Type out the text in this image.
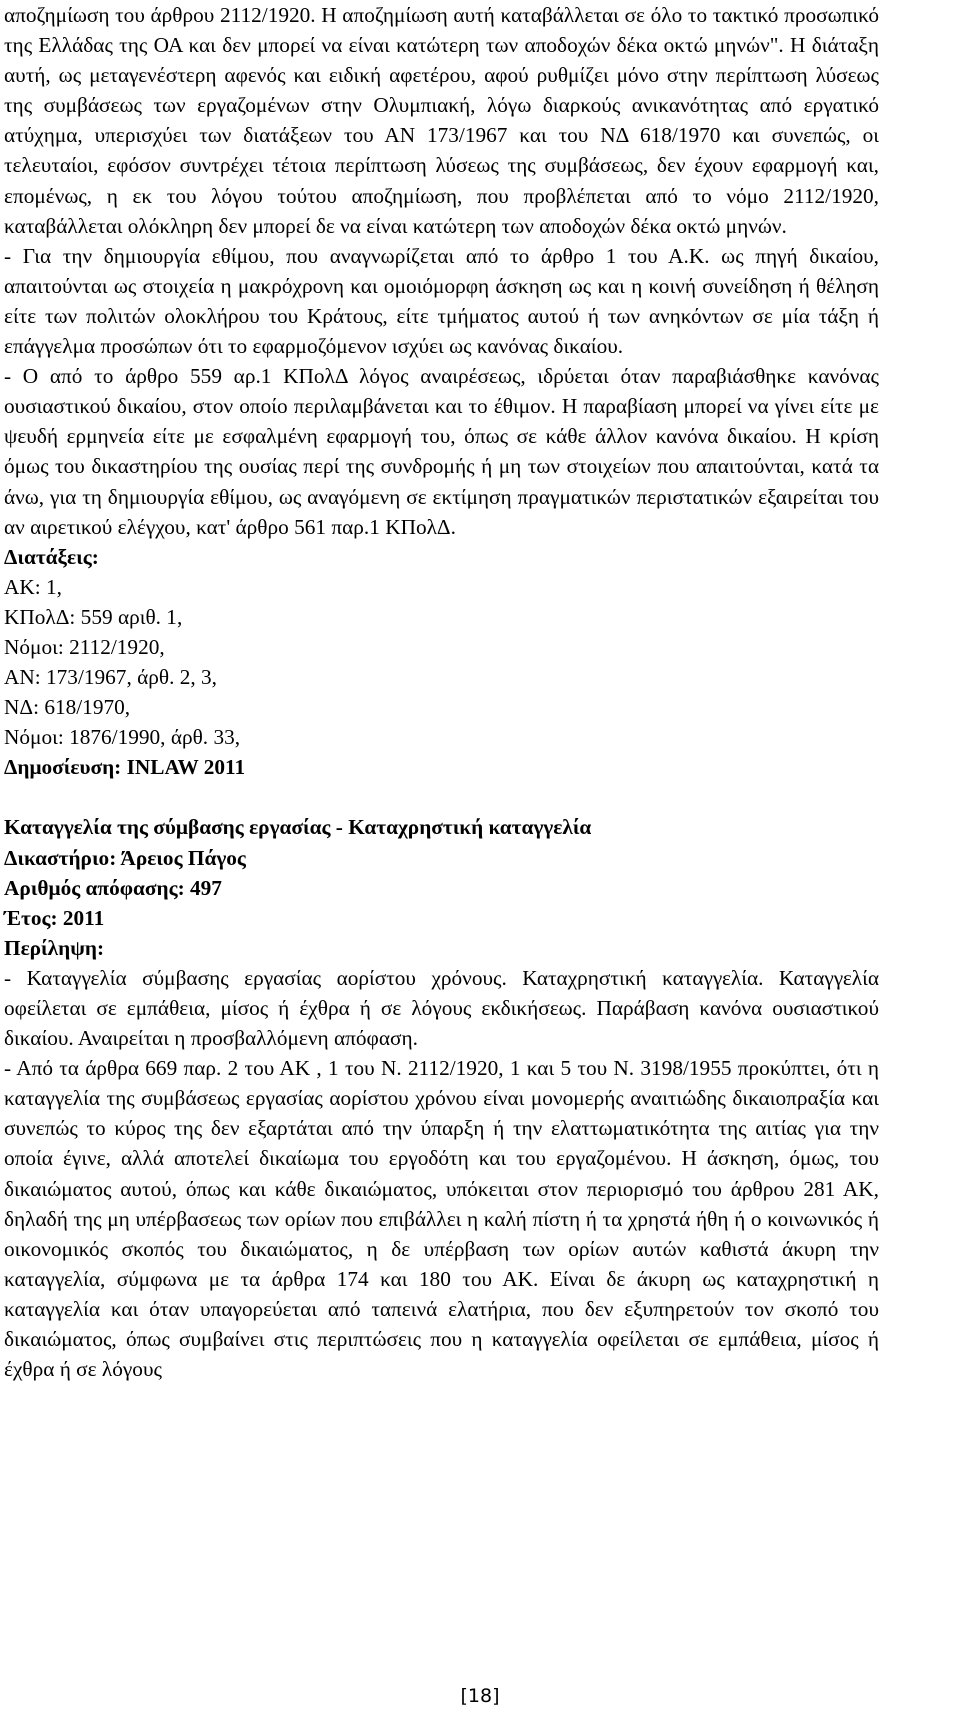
αποζημίωση του άρθρου 2112/1920. Η αποζημίωση αυτή καταβάλλεται σε όλο το τακτικό προσωπικό της Ελλάδας της ΟΑ και δεν μπορεί να είναι κατώτερη των αποδοχών δέκα οκτώ μηνών". Η διάταξη αυτή, ως μεταγενέστερη αφενός και ειδική αφετέρου, αφού ρυθμίζει μόνο στην περίπτωση λύσεως της συμβάσεως των εργαζομένων στην Ολυμπιακή, λόγω διαρκούς ανικανότητας από εργατικό ατύχημα, υπερισχύει των διατάξεων του ΑΝ 173/1967 και του ΝΔ 618/1970 και συνεπώς, οι τελευταίοι, εφόσον συντρέχει τέτοια περίπτωση λύσεως της συμβάσεως, δεν έχουν εφαρμογή και, επομένως, η εκ του λόγου τούτου αποζημίωση, που προβλέπεται από το νόμο 2112/1920, καταβάλλεται ολόκληρη δεν μπορεί δε να είναι κατώτερη των αποδοχών δέκα οκτώ μηνών.

- Για την δημιουργία εθίμου, που αναγνωρίζεται από το άρθρο 1 του Α.Κ. ως πηγή δικαίου, απαιτούνται ως στοιχεία η μακρόχρονη και ομοιόμορφη άσκηση ως και η κοινή συνείδηση ή θέληση είτε των πολιτών ολοκλήρου του Κράτους, είτε τμήματος αυτού ή των ανηκόντων σε μία τάξη ή επάγγελμα προσώπων ότι το εφαρμοζόμενον ισχύει ως κανόνας δικαίου.

- Ο από το άρθρο 559 αρ.1 ΚΠολΔ λόγος αναιρέσεως, ιδρύεται όταν παραβιάσθηκε κανόνας ουσιαστικού δικαίου, στον οποίο περιλαμβάνεται και το έθιμον. Η παραβίαση μπορεί να γίνει είτε με ψευδή ερμηνεία είτε με εσφαλμένη εφαρμογή του, όπως σε κάθε άλλον κανόνα δικαίου. Η κρίση όμως του δικαστηρίου της ουσίας περί της συνδρομής ή μη των στοιχείων που απαιτούνται, κατά τα άνω, για τη δημιουργία εθίμου, ως αναγόμενη σε εκτίμηση πραγματικών περιστατικών εξαιρείται του αν αιρετικού ελέγχου, κατ' άρθρο 561 παρ.1 ΚΠολΔ.

Διατάξεις:

ΑΚ: 1,

ΚΠολΔ: 559 αριθ. 1,

Νόμοι: 2112/1920,

ΑΝ: 173/1967, άρθ. 2, 3,

ΝΔ: 618/1970,

Νόμοι: 1876/1990, άρθ. 33,

Δημοσίευση: INLAW 2011

Καταγγελία της σύμβασης εργασίας - Καταχρηστική καταγγελία

Δικαστήριο: Άρειος Πάγος

Αριθμός απόφασης: 497

Έτος: 2011

Περίληψη:

- Καταγγελία σύμβασης εργασίας αορίστου χρόνους. Καταχρηστική καταγγελία. Καταγγελία οφείλεται σε εμπάθεια, μίσος ή έχθρα ή σε λόγους εκδικήσεως. Παράβαση κανόνα ουσιαστικού δικαίου. Αναιρείται η προσβαλλόμενη απόφαση.

- Από τα άρθρα 669 παρ. 2 του ΑΚ , 1 του Ν. 2112/1920, 1 και 5 του Ν. 3198/1955 προκύπτει, ότι η καταγγελία της συμβάσεως εργασίας αορίστου χρόνου είναι μονομερής αναιτιώδης δικαιοπραξία και συνεπώς το κύρος της δεν εξαρτάται από την ύπαρξη ή την ελαττωματικότητα της αιτίας για την οποία έγινε, αλλά αποτελεί δικαίωμα του εργοδότη και του εργαζομένου. Η άσκηση, όμως, του δικαιώματος αυτού, όπως και κάθε δικαιώματος, υπόκειται στον περιορισμό του άρθρου 281 ΑΚ, δηλαδή της μη υπέρβασεως των ορίων που επιβάλλει η καλή πίστη ή τα χρηστά ήθη ή ο κοινωνικός ή οικονομικός σκοπός του δικαιώματος, η δε υπέρβαση των ορίων αυτών καθιστά άκυρη την καταγγελία, σύμφωνα με τα άρθρα 174 και 180 του ΑΚ. Είναι δε άκυρη ως καταχρηστική η καταγγελία και όταν υπαγορεύεται από ταπεινά ελατήρια, που δεν εξυπηρετούν τον σκοπό του δικαιώματος, όπως συμβαίνει στις περιπτώσεις που η καταγγελία οφείλεται σε εμπάθεια, μίσος ή έχθρα ή σε λόγους

[18]
